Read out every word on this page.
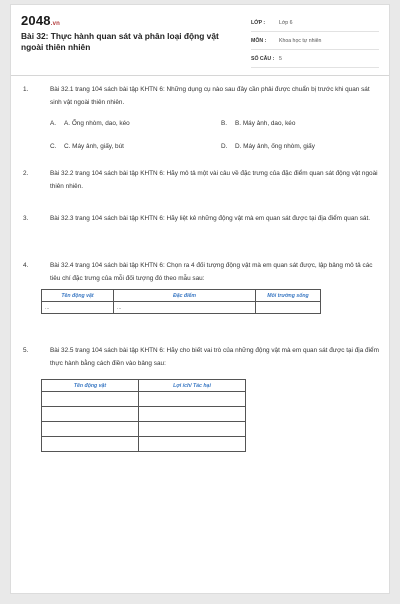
2048.vn
Bài 32: Thực hành quan sát và phân loại động vật ngoài thiên nhiên
LỚP :	Lớp 6
MÔN :	Khoa học tự nhiên
SỐ CÂU : 5
1.	Bài 32.1 trang 104 sách bài tập KHTN 6: Những dụng cụ nào sau đây cần phải được chuẩn bị trước khi quan sát sinh vật ngoài thiên nhiên.
A. A. Ống nhòm, dao, kéo	B. B. Máy ảnh, dao, kéo
C. C. Máy ảnh, giấy, bút	D. D. Máy ảnh, ống nhòm, giấy
2.	Bài 32.2 trang 104 sách bài tập KHTN 6: Hãy mô tả một vài câu về đặc trưng của đặc điểm quan sát động vật ngoài thiên nhiên.
3.	Bài 32.3 trang 104 sách bài tập KHTN 6: Hãy liệt kê những động vật mà em quan sát được tại địa điểm quan sát.
4.	Bài 32.4 trang 104 sách bài tập KHTN 6: Chọn ra 4 đối tượng động vật mà em quan sát được, lập bảng mô tả các tiêu chí đặc trưng của mỗi đối tượng đó theo mẫu sau:
Tên động vật	Đặc điểm	Môi trường sống
...	...	
5.	Bài 32.5 trang 104 sách bài tập KHTN 6: Hãy cho biết vai trò của những động vật mà em quan sát được tại địa điểm thực hành bằng cách điền vào bảng sau:
Tên động vật	Lợi ích/ Tác hại
